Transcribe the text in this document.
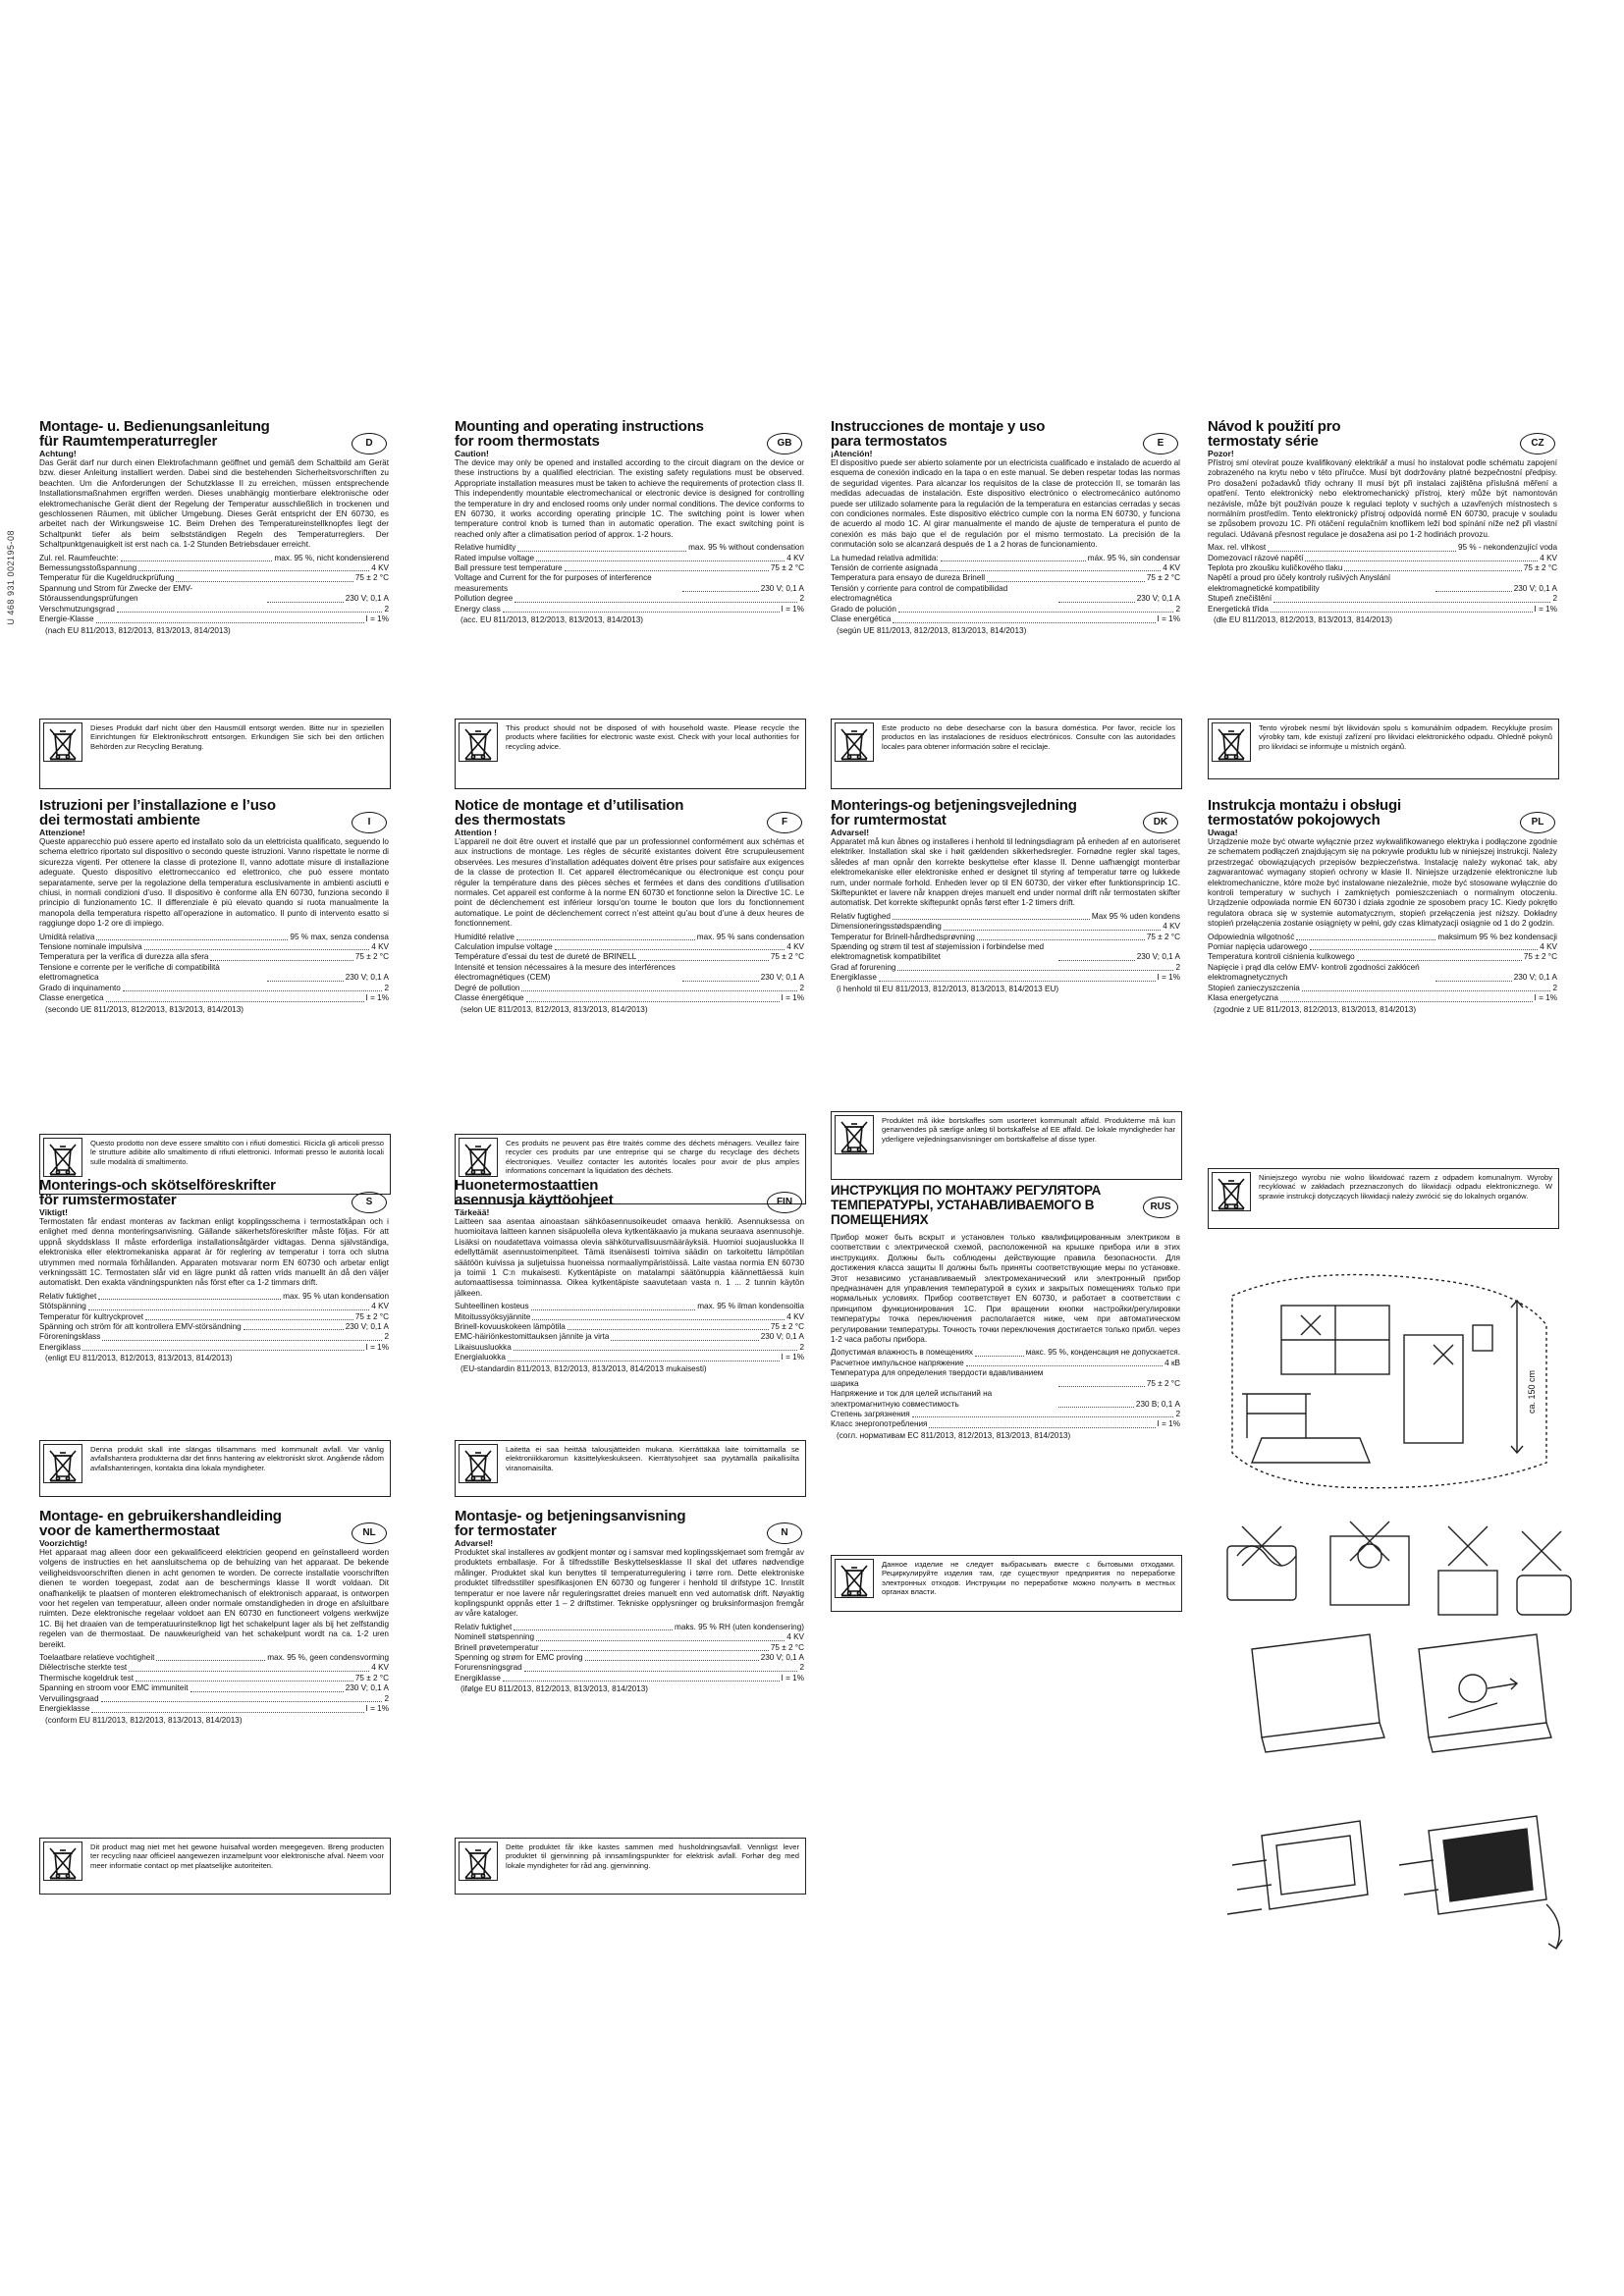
U 468 931 002195-08
Montage- u. Bedienungsanleitung
für Raumtemperaturregler	D
Achtung!
Das Gerät darf nur durch einen Elektrofachmann geöffnet und gemäß dem Schaltbild am Gerät bzw. dieser Anleitung installiert werden. Dabei sind die bestehenden Sicherheitsvorschriften zu beachten. Um die Anforderungen der Schutzklasse II zu erreichen, müssen entsprechende Installationsmaßnahmen ergriffen werden. Dieses unabhängig montierbare elektronische oder elektromechanische Gerät dient der Regelung der Temperatur ausschließlich in trockenen und geschlossenen Räumen, mit üblicher Umgebung. Dieses Gerät entspricht der EN 60730, es arbeitet nach der Wirkungsweise 1C. Beim Drehen des Temperatureinstellknopfes liegt der Schaltpunkt tiefer als beim selbstständigen Regeln des Temperaturreglers. Der Schaltpunktgenauigkeit ist erst nach ca. 1-2 Stunden Betriebsdauer erreicht.
Zul. rel. Raumfeuchte:	max. 95 %, nicht kondensierend
Bemessungsstoßspannung	4 KV
Temperatur für die Kugeldruckprüfung	75 ± 2 °C
Spannung und Strom für Zwecke der EMV-Störaussendungsprüfungen	230 V; 0,1 A
Verschmutzungsgrad	2
Energie-Klasse	I = 1%
(nach EU 811/2013, 812/2013, 813/2013, 814/2013)
Dieses Produkt darf nicht über den Hausmüll entsorgt werden. Bitte nur in speziellen Einrichtungen für Elektronikschrott entsorgen. Erkundigen Sie sich bei den örtlichen Behörden zur Recycling Beratung.
Mounting and operating instructions
for room thermostats	GB
Caution!
The device may only be opened and installed according to the circuit diagram on the device or these instructions by a qualified electrician. The existing safety regulations must be observed. Appropriate installation measures must be taken to achieve the requirements of protection class II. This independently mountable electromechanical or electronic device is designed for controlling the temperature in dry and enclosed rooms only under normal conditions. The device conforms to EN 60730, it works according operating principle 1C. The switching point is lower when temperature control knob is turned than in automatic operation. The exact switching point is reached only after a climatisation period of approx. 1-2 hours.
Relative humidity	max. 95 % without condensation
Rated impulse voltage	4 KV
Ball pressure test temperature	75 ± 2 °C
Voltage and Current for the for purposes of interference measurements	230 V; 0,1 A
Pollution degree	2
Energy class	I = 1%
(acc. EU 811/2013, 812/2013, 813/2013, 814/2013)
This product should not be disposed of with household waste. Please recycle the products where facilities for electronic waste exist. Check with your local authorities for recycling advice.
Instrucciones de montaje y uso
para termostatos	E
¡Atención!
El dispositivo puede ser abierto solamente por un electricista cualificado e instalado de acuerdo al esquema de conexión indicado en la tapa o en este manual. Se deben respetar todas las normas de seguridad vigentes. Para alcanzar los requisitos de la clase de protección II, se tomarán las medidas adecuadas de instalación. Este dispositivo electrónico o electromecánico autónomo puede ser utilizado solamente para la regulación de la temperatura en estancias cerradas y secas con condiciones normales. Este dispositivo eléctrico cumple con la norma EN 60730, y funciona de acuerdo al modo 1C. Al girar manualmente el mando de ajuste de temperatura el punto de conexión es más bajo que el de regulación por el mismo termostato. La precisión de la conmutación solo se alcanzará después de 1 a 2 horas de funcionamiento.
La humedad relativa admitida:	máx. 95 %, sin condensar
Tensión de corriente asignada	4 KV
Temperatura para ensayo de dureza Brinell	75 ± 2 °C
Tensión y corriente para control de compatibilidad electromagnética	230 V; 0,1 A
Grado de polución	2
Clase energética	I = 1%
(según UE 811/2013, 812/2013, 813/2013, 814/2013)
Este producto no debe desecharse con la basura doméstica. Por favor, recicle los productos en las instalaciones de residuos electrónicos. Consulte con las autoridades locales para obtener información sobre el reciclaje.
Návod k použití pro
termostaty série	CZ
Pozor!
Přístroj smí otevírat pouze kvalifikovaný elektrikář a musí ho instalovat podle schématu zapojení zobrazeného na krytu nebo v této příručce. Musí být dodržovány platné bezpečnostní předpisy. Pro dosažení požadavků třídy ochrany II musí být při instalaci zajištěna příslušná měření a opatření. Tento elektronický nebo elektromechanický přístroj, který může být namontován nezávisle, může být používán pouze k regulaci teploty v suchých a uzavřených místnostech s normálním prostředím. Tento elektronický přístroj odpovídá normě EN 60730, pracuje v souladu se způsobem provozu 1C. Při otáčení regulačním knoflíkem leží bod spínání níže než při vlastní regulaci. Udávaná přesnost regulace je dosažena asi po 1-2 hodinách provozu.
Max. rel. vlhkost	95 % - nekondenzující voda
Domezovací rázové napětí	4 KV
Teplota pro zkoušku kuličkového tlaku	75 ± 2 °C
Napětí a proud pro účely kontroly rušivých Anyslání elektromagnetické kompatibility	230 V; 0,1 A
Stupeň znečištění	2
Energetická třída	I = 1%
(dle EU 811/2013, 812/2013, 813/2013, 814/2013)
Tento výrobek nesmí být likvidován spolu s komunálním odpadem. Recyklujte prosím výrobky tam, kde existují zařízení pro likvidaci elektronického odpadu. Ohledně pokynů pro likvidaci se informujte u místních orgánů.
Istruzioni per l’installazione e l’uso
dei termostati ambiente	I
Attenzione!
Queste apparecchio può essere aperto ed installato solo da un elettricista qualificato, seguendo lo schema elettrico riportato sul dispositivo o secondo queste istruzioni. Vanno rispettate le norme di sicurezza vigenti. Per ottenere la classe di protezione II, vanno adottate misure di installazione adeguate. Questo dispositivo elettromeccanico ed elettronico, che può essere montato separatamente, serve per la regolazione della temperatura esclusivamente in ambienti asciutti e chiusi, in normali condizioni d’uso. Il dispositivo è conforme alla EN 60730, funziona secondo il principio di funzionamento 1C. Il differenziale è più elevato quando si ruota manualmente la manopola della temperatura rispetto all’operazione in automatico. Il punto di intervento esatto si raggiunge dopo 1-2 ore di impiego.
Umidità relativa	95 % max, senza condensa
Tensione nominale impulsiva	4 KV
Temperatura per la verifica di durezza alla sfera	75 ± 2 °C
Tensione e corrente per le verifiche di compatibilità elettromagnetica	230 V; 0,1 A
Grado di inquinamento	2
Classe energetica	I = 1%
(secondo UE 811/2013, 812/2013, 813/2013, 814/2013)
Questo prodotto non deve essere smaltito con i rifiuti domestici. Ricicla gli articoli presso le strutture adibite allo smaltimento di rifiuti elettronici. Informati presso le autorità locali sulle modalità di smaltimento.
Notice de montage et d’utilisation
des thermostats	F
Attention !
L’appareil ne doit être ouvert et installé que par un professionnel conformément aux schémas et aux instructions de montage. Les règles de sécurité existantes doivent être scrupuleusement observées. Les mesures d’installation adéquates doivent être prises pour satisfaire aux exigences de la classe de protection II. Cet appareil électromécanique ou électronique est conçu pour réguler la température dans des pièces sèches et fermées et dans des conditions d’utilisation normales. Cet appareil est conforme à la norme EN 60730 et fonctionne selon la Directive 1C. Le point de déclenchement est inférieur lorsqu’on tourne le bouton que lors du fonctionnement automatique. Le point de déclenchement correct n’est atteint qu’au bout d’une à deux heures de fonctionnement.
Humidité relative	max. 95 % sans condensation
Calculation impulse voltage	4 KV
Température d’essai du test de dureté de BRINELL	75 ± 2 °C
Intensité et tension nécessaires à la mesure des interférences électromagnétiques (CEM)	230 V; 0,1 A
Degré de pollution	2
Classe énergétique	I = 1%
(selon UE 811/2013, 812/2013, 813/2013, 814/2013)
Ces produits ne peuvent pas être traités comme des déchets ménagers. Veuillez faire recycler ces produits par une entreprise qui se charge du recyclage des déchets électroniques. Veuillez contacter les autorités locales pour avoir de plus amples informations concernant la liquidation des déchets.
Monterings-og betjeningsvejledning
for rumtermostat	DK
Advarsel!
Apparatet må kun åbnes og installeres i henhold til ledningsdiagram på enheden af en autoriseret elektriker. Installation skal ske i høit gældenden sikkerhedsregler. Fornødne regler skal tages, således af man opnår den korrekte beskyttelse efter klasse II. Denne uafhængigt monterbar elektromekaniske eller elektroniske enhed er designet til styring af temperatur tørre og lukkede rum, under normale forhold. Enheden lever op til EN 60730, der virker efter funktionsprincip 1C. Skiftepunktet er lavere når knappen drejes manuelt end under normal drift når termostaten skifter automatisk. Det korrekte skiftepunkt opnås først efter 1-2 timers drift.
Relativ fugtighed	Max 95 % uden kondens
Dimensioneringsstødspænding	4 KV
Temperatur for Brinell-hårdhedsprøvning	75 ± 2 °C
Spænding og strøm til test af støjemission i forbindelse med elektromagnetisk kompatibilitet	230 V; 0,1 A
Grad af forurening	2
Energiklasse	I = 1%
(i henhold til EU 811/2013, 812/2013, 813/2013, 814/2013 EU)
Produktet må ikke bortskaffes som usorteret kommunalt affald. Produkterne må kun genanvendes på særlige anlæg til bortskaffelse af EE affald. De lokale myndigheder har yderligere vejledningsanvisninger om bortskaffelse af disse typer.
Instrukcja montażu i obsługi
termostatów pokojowych	PL
Uwaga!
Urządzenie może być otwarte wyłącznie przez wykwalifikowanego elektryka i podłączone zgodnie ze schematem podłączeń znajdującym się na pokrywie produktu lub w niniejszej instrukcji. Należy przestrzegać obowiązujących przepisów bezpieczeństwa. Instalację należy wykonać tak, aby zagwarantować wymagany stopień ochrony w klasie II. Niniejsze urządzenie elektroniczne lub elektromechaniczne, które może być instalowane niezależnie, może być stosowane wyłącznie do kontroli temperatury w suchych i zamkniętych pomieszczeniach o normalnym otoczeniu. Urządzenie odpowiada normie EN 60730 i działa zgodnie ze sposobem pracy 1C. Kiedy pokrętło regulatora obraca się w systemie automatycznym, stopień przełączenia jest niższy. Dokładny stopień przełączenia zostanie osiągnięty w pełni, gdy czas klimatyzacji osiągnie od 1 do 2 godzin.
Odpowiednia wilgotność	maksimum 95 % bez kondensacji
Pomiar napięcia udarowego	4 KV
Temperatura kontroli ciśnienia kulkowego	75 ± 2 °C
Napięcie i prąd dla celów EMV- kontroli zgodności zakłóceń elektromagnetycznych	230 V; 0,1 A
Stopień zanieczyszczenia	2
Klasa energetyczna	I = 1%
(zgodnie z UE 811/2013, 812/2013, 813/2013, 814/2013)
Niniejszego wyrobu nie wolno likwidować razem z odpadem komunalnym. Wyroby recyklować w zakładach przeznaczonych do likwidacji odpadu elektronicznego. W sprawie instrukcji dotyczących likwidacji należy zwrócić się do lokalnych organów.
Monterings-och skötselföreskrifter
för rumstermostater	S
Viktigt!
Termostaten får endast monteras av fackman enligt kopplingsschema i termostatkåpan och i enlighet med denna monteringsanvisning. Gällande säkerhetsföreskrifter måste följas. För att uppnå skyddsklass II måste erforderliga installationsåtgärder vidtagas. Denna självständiga, elektroniska eller elektromekaniska apparat är för reglering av temperatur i torra och slutna utrymmen med normala förhållanden. Apparaten motsvarar norm EN 60730 och arbetar enligt verkningssätt 1C. Termostaten slår vid en lägre punkt då ratten vrids manuellt än då den väljer automatiskt. Den exakta vändningspunkten nås först efter ca 1-2 timmars drift.
Relativ fuktighet	max. 95 % utan kondensation
Stötspänning	4 KV
Temperatur för kultryckprovet	75 ± 2 °C
Spänning och ström för att kontrollera EMV-störsändning	230 V; 0,1 A
Föroreningsklass	2
Energiklass	I = 1%
(enligt EU 811/2013, 812/2013, 813/2013, 814/2013)
Denna produkt skall inte slängas tillsammans med kommunalt avfall. Var vänlig avfallshantera produkterna där det finns hantering av elektroniskt skrot. Angående rådom avfallshanteringen, kontakta dina lokala myndigheter.
Huonetermostaattien
asennusja käyttöohjeet	FIN
Tärkeää!
Laitteen saa asentaa ainoastaan sähköasennusoikeudet omaava henkilö. Asennuksessa on huomioitava laitteen kannen sisäpuolella oleva kytkentäkaavio ja mukana seuraava asennusohje. Lisäksi on noudatettava voimassa olevia sähköturvallisuusmääräyksiä. Huomioi suojausluokka II edellyttämät asennustoimenpiteet. Tämä itsenäisesti toimiva säädin on tarkoitettu lämpötilan säätöön kuivissa ja suljetuissa huoneissa normaaliympäristöissä. Laite vastaa normia EN 60730 ja toimii 1 C:n mukaisesti. Kytkentäpiste on matalampi säätönuppia käännettäessä kuin automaattisessa toiminnassa. Oikea kytkentäpiste saavutetaan vasta n. 1 ... 2 tunnin käytön jälkeen.
Suhteellinen kosteus	max. 95 % ilman kondensoitia
Mitoitussyöksyjännite	4 KV
Brinell-kovuuskokeen lämpötila	75 ± 2 °C
EMC-häiriönkestomittauksen jännite ja virta	230 V; 0,1 A
Likaisuusluokka	2
Energialuokka	I = 1%
(EU-standardin 811/2013, 812/2013, 813/2013, 814/2013 mukaisesti)
Laitetta ei saa heittää talousjätteiden mukana. Kierrättäkää laite toimittamalla se elektroniikkaromun käsittelykeskukseen. Kierrätysohjeet saa pyytämällä paikallisilta viranomaisilta.
ИНСТРУКЦИЯ ПО МОНТАЖУ РЕГУЛЯТОРА
ТЕМПЕРАТУРЫ, УСТАНАВЛИВАЕМОГО В
ПОМЕЩЕНИЯХ
RUS
Прибор может быть вскрыт и установлен только квалифицированным электриком в соответствии с электрической схемой, расположенной на крышке прибора или в этих инструкциях. Должны быть соблюдены действующие правила безопасности. Для достижения класса защиты II должны быть приняты соответствующие меры по установке. Этот независимо устанавливаемый электромеханический или электронный прибор предназначен для управления температурой в сухих и закрытых помещениях только при нормальных условиях. Прибор соответствует EN 60730, и работает в соответствии с принципом функционирования 1C. При вращении кнопки настройки/регулировки температуры точка переключения располагается ниже, чем при автоматическом регулировании температуры. Точность точки переключения достигается только прибл. через 1-2 часа работы прибора.
Допустимая влажность в помещениях	макс. 95 %, конденсация не допускается.
Расчетное импульсное напряжение	4 кВ
Температура для определения твердости вдавливанием шарика	75 ± 2 °C
Напряжение и ток для целей испытаний на электромагнитную совместимость	230 В; 0,1 А
Степень загрязнения	2
Класс энергопотребления	I = 1%
(согл. нормативам ЕС 811/2013, 812/2013, 813/2013, 814/2013)
Данное изделие не следует выбрасывать вместе с бытовыми отходами. Рециркулируйте изделия там, где существуют предприятия по переработке электронных отходов. Инструкции по переработке можно получить в местных органах власти.
Montage- en gebruikershandleiding
voor de kamerthermostaat	NL
Voorzichtig!
Het apparaat mag alleen door een gekwalificeerd elektricien geopend en geïnstalleerd worden volgens de instructies en het aansluitschema op de behuizing van het apparaat. De bekende veiligheidsvoorschriften dienen in acht genomen te worden. De correcte installatie voorschriften dienen te worden toegepast, zodat aan de beschermings klasse II wordt voldaan. Dit onafhankelijk te plaatsen of monteren elektromechanisch of elektronisch apparaat, is ontworpen voor het regelen van temperatuur, alleen onder normale omstandigheden in droge en afsluitbare ruimten. Deze elektronische regelaar voldoet aan EN 60730 en functioneert volgens werkwijze 1C. Bij het draaien van de temperatuurinstelknop ligt het schakelpunt lager als bij het zelfstandig regelen van de thermostaat. De nauwkeurigheid van het schakelpunt wordt na ca. 1-2 uren bereikt.
Toelaatbare relatieve vochtigheit	max. 95 %, geen condensvorming
Diëlectrische sterkte test	4 KV
Thermische kogeldruk test	75 ± 2 °C
Spanning en stroom voor EMC immuniteit	230 V; 0,1 A
Vervuilingsgraad	2
Energieklasse	I = 1%
(conform EU 811/2013, 812/2013, 813/2013, 814/2013)
Dit product mag niet met het gewone huisafval worden meegegeven. Breng producten ter recycling naar officieel aangewezen inzamelpunt voor elektronische afval. Neem voor meer informatie contact op met plaatselijke autoriteiten.
Montasje- og betjeningsanvisning
for termostater	N
Advarsel!
Produktet skal installeres av godkjent montør og i samsvar med koplingsskjemaet som fremgår av produktets emballasje. For å tilfredsstille Beskyttelsesklasse II skal det utføres nødvendige målinger. Produktet skal kun benyttes til temperaturregulering i tørre rom. Dette elektroniske produktet tilfredsstiller spesifikasjonen EN 60730 og fungerer i henhold til drifstype 1C. Innstilt temperatur er noe lavere når reguleringsrattet dreies manuelt enn ved automatisk drift. Nøyaktig koplingspunkt oppnås etter 1 – 2 driftstimer. Tekniske opplysninger og bruksinformasjon fremgår av våre kataloger.
Relativ fuktighet	maks. 95 % RH (uten kondensering)
Nominell støtspenning	4 KV
Brinell prøvetemperatur	75 ± 2 °C
Spenning og strøm for EMC proving	230 V; 0,1 A
Forurensningsgrad	2
Energiklasse	I = 1%
(ifølge EU 811/2013, 812/2013, 813/2013, 814/2013)
Dette produktet får ikke kastes sammen med husholdningsavfall. Vennligst lever produktet til gjenvinning på innsamlingspunkter for elektrisk avfall. Forhør deg med lokale myndigheter for råd ang. gjenvinning.
ca. 150 cm
